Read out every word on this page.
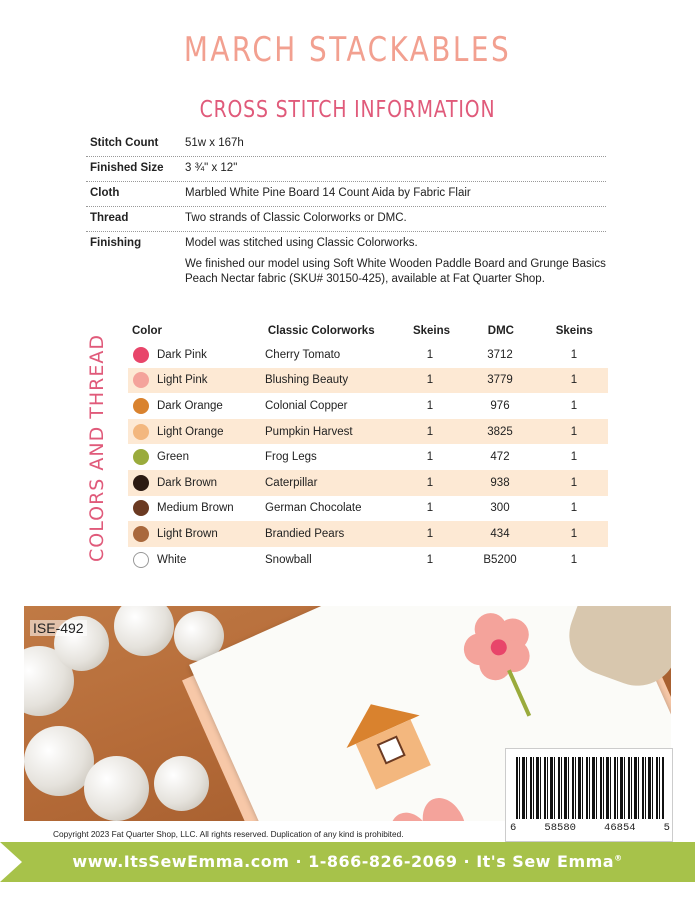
MARCH STACKABLES
CROSS STITCH INFORMATION
Stitch Count	51w x 167h
Finished Size	3 ¾" x 12"
Cloth	Marbled White Pine Board 14 Count Aida by Fabric Flair
Thread	Two strands of Classic Colorworks or DMC.
Finishing	Model was stitched using Classic Colorworks.

We finished our model using Soft White Wooden Paddle Board and Grunge Basics Peach Nectar fabric (SKU# 30150-425), available at Fat Quarter Shop.

COLORS AND THREAD
Color	Classic Colorworks	Skeins	DMC	Skeins
Dark Pink	Cherry Tomato	1	3712	1
Light Pink	Blushing Beauty	1	3779	1
Dark Orange	Colonial Copper	1	976	1
Light Orange	Pumpkin Harvest	1	3825	1
Green	Frog Legs	1	472	1
Dark Brown	Caterpillar	1	938	1
Medium Brown	German Chocolate	1	300	1
Light Brown	Brandied Pears	1	434	1
White	Snowball	1	B5200	1
ISE-492
6	58580	46854	5
Copyright 2023 Fat Quarter Shop, LLC. All rights reserved. Duplication of any kind is prohibited.
www.ItsSewEmma.com · 1-866-826-2069 · It's Sew Emma®
